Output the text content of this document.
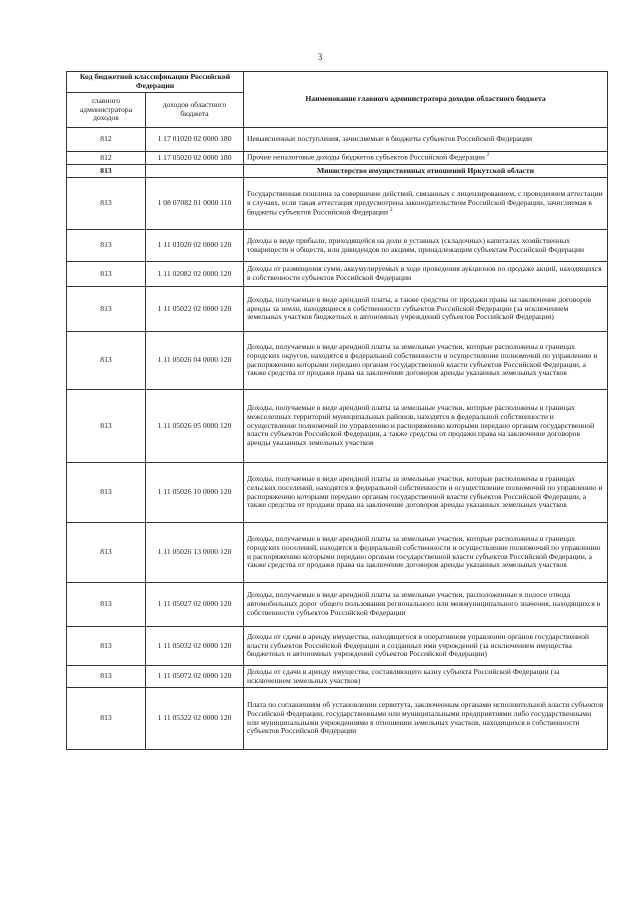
3
Код бюджетной классификации Российской Федерации		Наименование главного администратора доходов областного бюджета
главного администратора доходов	доходов областного бюджета	
812	1 17 01020 02 0000 180	Невыясненные поступления, зачисляемые в бюджеты субъектов Российской Федерации
812	1 17 05020 02 0000 180	Прочие неналоговые доходы бюджетов субъектов Российской Федерации $^2$
813		Министерство имущественных отношений Иркутской области
813	1 08 07082 01 0000 110	Государственная пошлина за совершение действий, связанных с лицензированием, с проведением аттестации в случаях, если такая аттестация предусмотрена законодательством Российской Федерации, зачисляемая в бюджеты субъектов Российской Федерации $^2$
813	1 11 01020 02 0000 120	Доходы в виде прибыли, приходящейся на доли в уставных (складочных) капиталах хозяйственных товариществ и обществ, или дивидендов по акциям, принадлежащим субъектам Российской Федерации
813	1 11 02082 02 0000 120	Доходы от размещения сумм, аккумулируемых в ходе проведения аукционов по продаже акций, находящихся в собственности субъектов Российской Федерации
813	1 11 05022 02 0000 120	Доходы, получаемые в виде арендной платы, а также средства от продажи права на заключение договоров аренды за земли, находящиеся в собственности субъектов Российской Федерации (за исключением земельных участков бюджетных и автономных учреждений субъектов Российской Федерации)
813	1 11 05026 04 0000 120	Доходы, получаемые в виде арендной платы за земельные участки, которые расположены в границах городских округов, находятся в федеральной собственности и осуществление полномочий по управлению и распоряжению которыми передано органам государственной власти субъектов Российской Федерации, а также средства от продажи права на заключение договоров аренды указанных земельных участков
813	1 11 05026 05 0000 120	Доходы, получаемые в виде арендной платы за земельные участки, которые расположены в границах межселенных территорий муниципальных районов, находятся в федеральной собственности и осуществление полномочий по управлению и распоряжению которыми передано органам государственной власти субъектов Российской Федерации, а также средства от продажи права на заключение договоров аренды указанных земельных участков
813	1 11 05026 10 0000 120	Доходы, получаемые в виде арендной платы за земельные участки, которые расположены в границах сельских поселений, находятся в федеральной собственности и осуществление полномочий по управлению и распоряжению которыми передано органам государственной власти субъектов Российской Федерации, а также средства от продажи права на заключение договоров аренды указанных земельных участков
813	1 11 05026 13 0000 120	Доходы, получаемые в виде арендной платы за земельные участки, которые расположены в границах городских поселений, находятся в федеральной собственности и осуществление полномочий по управлению и распоряжению которыми передано органам государственной власти субъектов Российской Федерации, а также средства от продажи права на заключение договоров аренды указанных земельных участков
813	1 11 05027 02 0000 120	Доходы, получаемые в виде арендной платы за земельные участки, расположенные в полосе отвода автомобильных дорог общего пользования регионального или межмуниципального значения, находящихся в собственности субъектов Российской Федерации
813	1 11 05032 02 0000 120	Доходы от сдачи в аренду имущества, находящегося в оперативном управлении органов государственной власти субъектов Российской Федерации и созданных ими учреждений (за исключением имущества бюджетных и автономных учреждений субъектов Российской Федерации)
813	1 11 05072 02 0000 120	Доходы от сдачи в аренду имущества, составляющего казну субъекта Российской Федерации (за исключением земельных участков)
813	1 11 05322 02 0000 120	Плата по соглашениям об установлении сервитута, заключенным органами исполнительной власти субъектов Российской Федерации, государственными или муниципальными предприятиями либо государственными или муниципальными учреждениями в отношении земельных участков, находящихся в собственности субъектов Российской Федерации
